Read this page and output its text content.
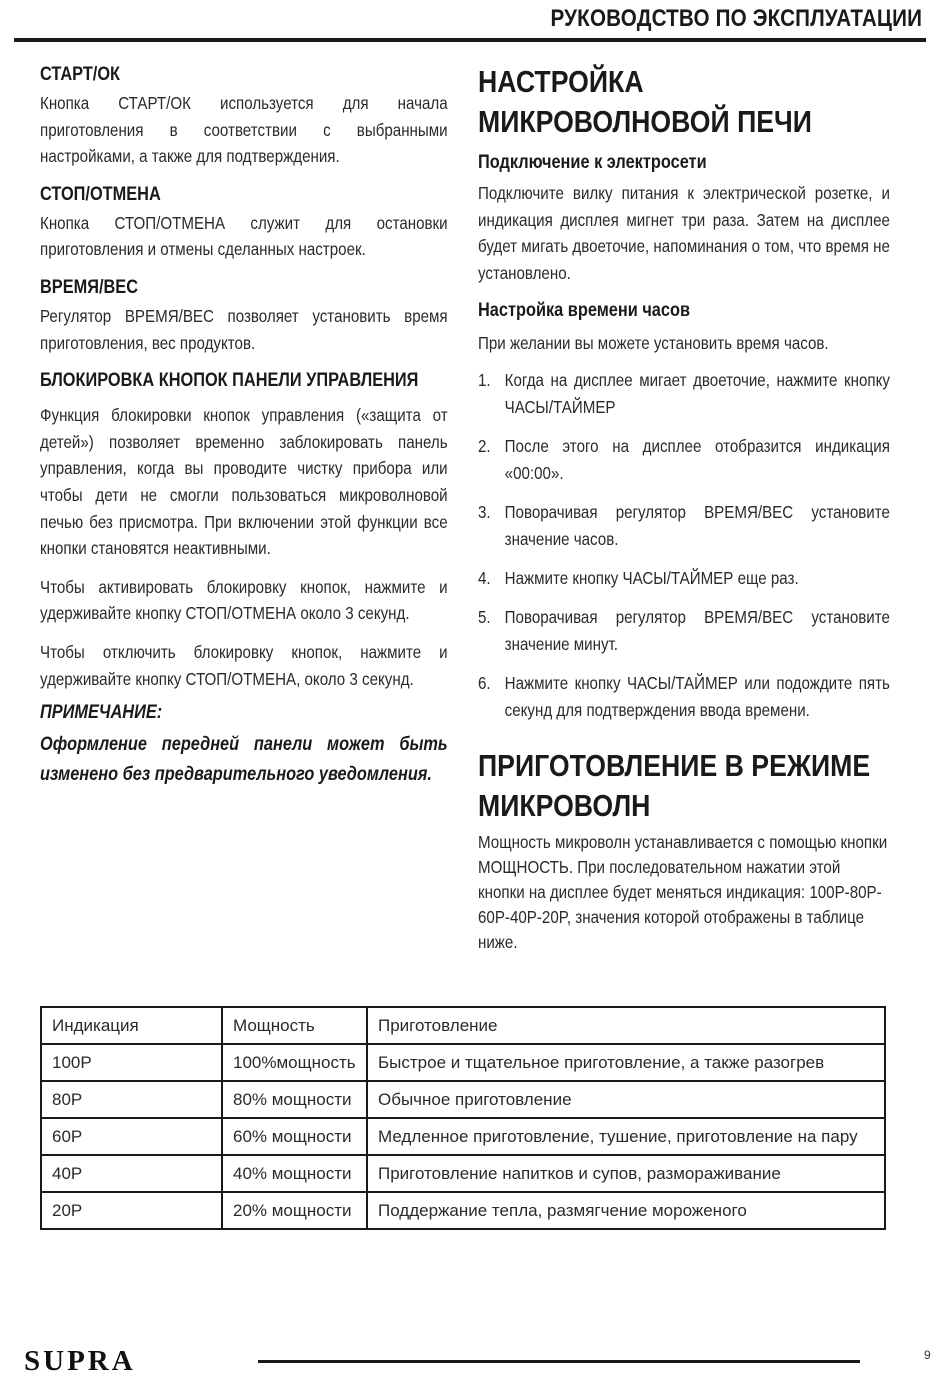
РУКОВОДСТВО ПО ЭКСПЛУАТАЦИИ
СТАРТ/ОК

Кнопка СТАРТ/ОК используется для начала приготовления в соответствии с выбранными настройками, а также для подтверждения.

СТОП/ОТМЕНА

Кнопка СТОП/ОТМЕНА служит для остановки приготовления и отмены сделанных настроек.

ВРЕМЯ/ВЕС

Регулятор ВРЕМЯ/ВЕС позволяет установить время приготовления, вес продуктов.

БЛОКИРОВКА КНОПОК ПАНЕЛИ УПРАВЛЕНИЯ

Функция блокировки кнопок управления («защита от детей») позволяет временно заблокировать панель управления, когда вы проводите чистку прибора или чтобы дети не смогли пользоваться микроволновой печью без присмотра. При включении этой функции все кнопки становятся неактивными.

Чтобы активировать блокировку кнопок, нажмите и удерживайте кнопку СТОП/ОТМЕНА около 3 секунд.

Чтобы отключить блокировку кнопок, нажмите и удерживайте кнопку СТОП/ОТМЕНА, около 3 секунд.

ПРИМЕЧАНИЕ:

Оформление передней панели может быть изменено без предварительного уведомления.

НАСТРОЙКА МИКРОВОЛНОВОЙ ПЕЧИ
Подключение к электросети

Подключите вилку питания к электрической розетке, и индикация дисплея мигнет три раза. Затем на дисплее будет мигать двоеточие, напоминания о том, что время не установлено.

Настройка времени часов

При желании вы можете установить время часов.

1. Когда на дисплее мигает двоеточие, нажмите кнопку ЧАСЫ/ТАЙМЕР
2. После этого на дисплее отобразится индикация «00:00».
3. Поворачивая регулятор ВРЕМЯ/ВЕС установите значение часов.
4. Нажмите кнопку ЧАСЫ/ТАЙМЕР еще раз.
5. Поворачивая регулятор ВРЕМЯ/ВЕС установите значение минут.
6. Нажмите кнопку ЧАСЫ/ТАЙМЕР или подождите пять секунд для подтверждения ввода времени.
ПРИГОТОВЛЕНИЕ В РЕЖИМЕ МИКРОВОЛН

Мощность микроволн устанавливается с помощью кнопки МОЩНОСТЬ. При последовательном нажатии этой кнопки на дисплее будет меняться индикация: 100P-80P-60P-40P-20P, значения которой отображены в таблице ниже.

Индикация	Мощность	Приготовление
100P	100%мощность	Быстрое и тщательное приготовление, а также разогрев
80P	80% мощности	Обычное приготовление
60P	60% мощности	Медленное приготовление, тушение, приготовление на пару
40P	40% мощности	Приготовление напитков и супов, размораживание
20P	20% мощности	Поддержание тепла, размягчение мороженого
SUPRA	9
